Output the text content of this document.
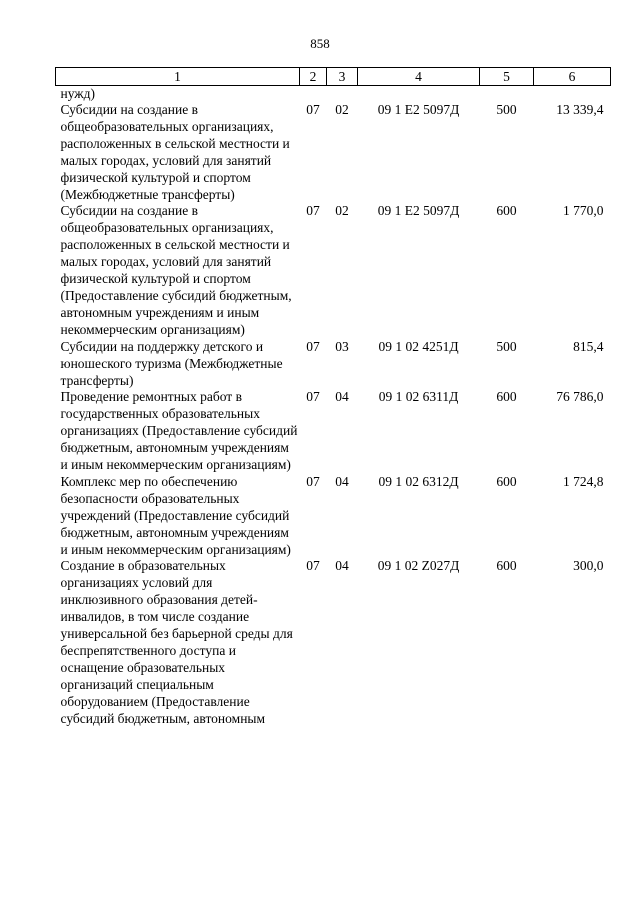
858
1	2	3	4	5	6
нужд)					
Субсидии на создание в общеобразовательных организациях, расположенных в сельской местности и малых городах, условий для занятий физической культурой и спортом (Межбюджетные трансферты)	07	02	09 1 Е2 5097Д	500	13 339,4
Субсидии на создание в общеобразовательных организациях, расположенных в сельской местности и малых городах, условий для занятий физической культурой и спортом (Предоставление субсидий бюджетным, автономным учреждениям и иным некоммерческим организациям)	07	02	09 1 Е2 5097Д	600	1 770,0
Субсидии на поддержку детского и юношеского туризма (Межбюджетные трансферты)	07	03	09 1 02 4251Д	500	815,4
Проведение ремонтных работ в государственных образовательных организациях (Предоставление субсидий бюджетным, автономным учреждениям и иным некоммерческим организациям)	07	04	09 1 02 6311Д	600	76 786,0
Комплекс мер по обеспечению безопасности образовательных учреждений (Предоставление субсидий бюджетным, автономным учреждениям и иным некоммерческим организациям)	07	04	09 1 02 6312Д	600	1 724,8
Создание в образовательных организациях условий для инклюзивного образования детей-инвалидов, в том числе создание универсальной без барьерной среды для беспрепятственного доступа и оснащение образовательных организаций специальным оборудованием (Предоставление субсидий бюджетным, автономным	07	04	09 1 02 Z027Д	600	300,0
